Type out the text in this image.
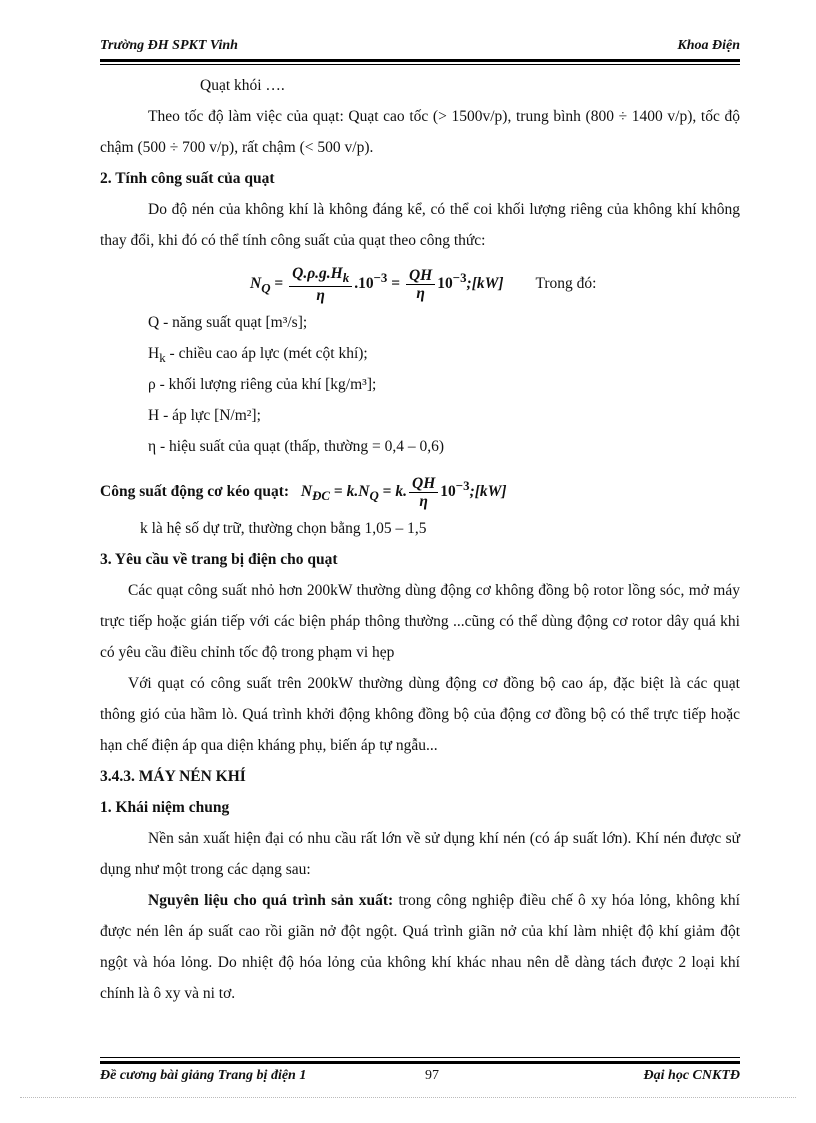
Trường ĐH SPKT Vinh	Khoa Điện
Quạt khói ….
Theo tốc độ làm việc của quạt: Quạt cao tốc (> 1500v/p), trung bình (800 ÷ 1400 v/p), tốc độ chậm (500 ÷ 700 v/p), rất chậm (< 500 v/p).
2. Tính công suất của quạt
Do độ nén của không khí là không đáng kể, có thể coi khối lượng riêng của không khí không thay đổi, khi đó có thể tính công suất của quạt theo công thức:
$N_Q = \frac{Q.\rho.g.H_k}{\eta} .10^{-3} = \frac{QH}{\eta}$ $10^{-3};[kW]$ Trong đó:
Q - năng suất quạt [m³/s];
$H_k$ - chiều cao áp lực (mét cột khí);
ρ - khối lượng riêng của khí [kg/m³];
H - áp lực [N/m²];
η - hiệu suất của quạt (thấp, thường = 0,4 – 0,6)
Công suất động cơ kéo quạt: $N_{ĐC} = k.N_Q = k$. $\frac{QH}{\eta}$ $10^{-3};[kW]$
k là hệ số dự trữ, thường chọn bằng 1,05 – 1,5
3. Yêu cầu về trang bị điện cho quạt
Các quạt công suất nhỏ hơn 200kW thường dùng động cơ không đồng bộ rotor lồng sóc, mở máy trực tiếp hoặc gián tiếp với các biện pháp thông thường ...cũng có thể dùng động cơ rotor dây quá khi có yêu cầu điều chỉnh tốc độ trong phạm vi hẹp
Với quạt có công suất trên 200kW thường dùng động cơ đồng bộ cao áp, đặc biệt là các quạt thông gió của hầm lò. Quá trình khởi động không đồng bộ của động cơ đồng bộ có thể trực tiếp hoặc hạn chế điện áp qua diện kháng phụ, biến áp tự ngẫu...
3.4.3. MÁY NÉN KHÍ
1. Khái niệm chung
Nền sản xuất hiện đại có nhu cầu rất lớn về sử dụng khí nén (có áp suất lớn). Khí nén được sử dụng như một trong các dạng sau:
Nguyên liệu cho quá trình sản xuất: trong công nghiệp điều chế ô xy hóa lỏng, không khí được nén lên áp suất cao rồi giãn nở đột ngột. Quá trình giãn nở của khí làm nhiệt độ khí giảm đột ngột và hóa lỏng. Do nhiệt độ hóa lỏng của không khí khác nhau nên dễ dàng tách được 2 loại khí chính là ô xy và ni tơ.
Đề cương bài giảng Trang bị điện 1	97	Đại học CNKTĐ
